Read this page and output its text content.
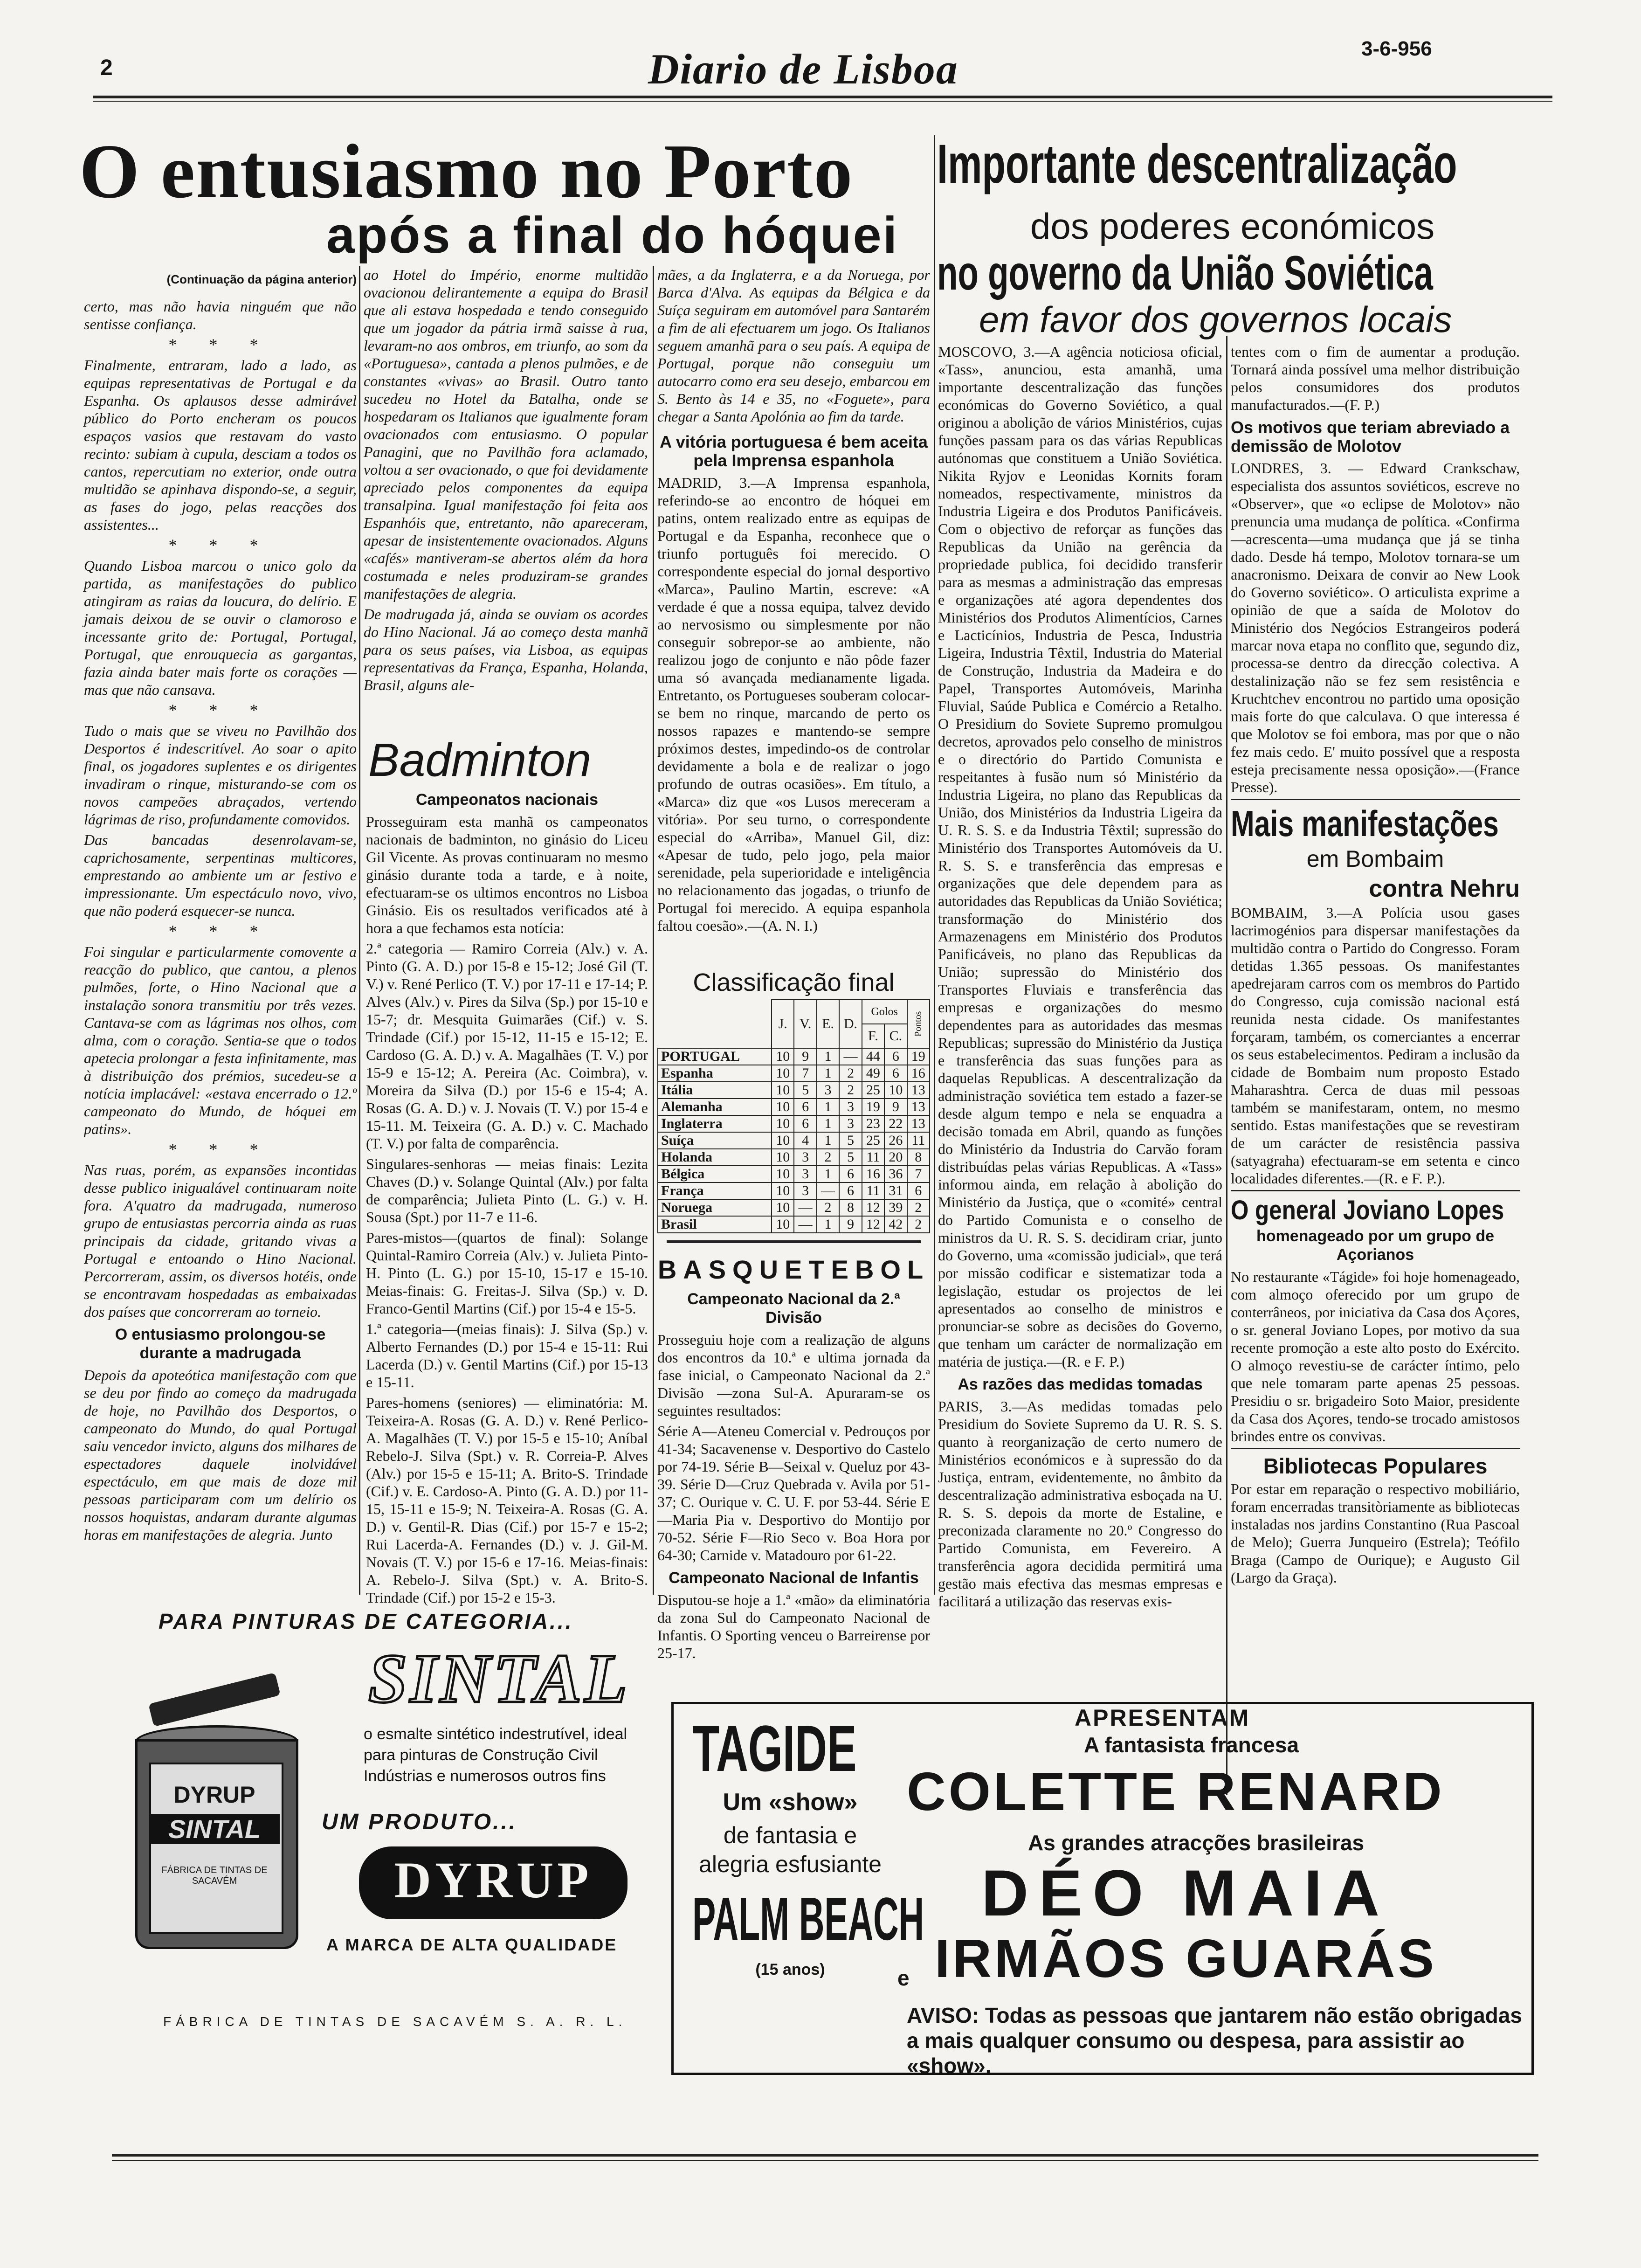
2	Diario de Lisboa	3-6-956
O entusiasmo no Porto
após a final do hóquei
(Continuação da página anterior)

certo, mas não havia ninguém que não sentisse confiança.

* * *

Finalmente, entraram, lado a lado, as equipas representativas de Portugal e da Espanha. Os aplausos desse admirável público do Porto encheram os poucos espaços vasios que restavam do vasto recinto: subiam à cupula, desciam a todos os cantos, repercutiam no exterior, onde outra multidão se apinhava dispondo-se, a seguir, as fases do jogo, pelas reacções dos assistentes...

* * *

Quando Lisboa marcou o unico golo da partida, as manifestações do publico atingiram as raias da loucura, do delírio. E jamais deixou de se ouvir o clamoroso e incessante grito de: Portugal, Portugal, Portugal, que enrouquecia as gargantas, fazia ainda bater mais forte os corações — mas que não cansava.

* * *

Tudo o mais que se viveu no Pavilhão dos Desportos é indescritível. Ao soar o apito final, os jogadores suplentes e os dirigentes invadiram o rinque, misturando-se com os novos campeões abraçados, vertendo lágrimas de riso, profundamente comovidos.

Das bancadas desenrolavam-se, caprichosamente, serpentinas multicores, emprestando ao ambiente um ar festivo e impressionante. Um espectáculo novo, vivo, que não poderá esquecer-se nunca.

* * *

Foi singular e particularmente comovente a reacção do publico, que cantou, a plenos pulmões, forte, o Hino Nacional que a instalação sonora transmitiu por três vezes. Cantava-se com as lágrimas nos olhos, com alma, com o coração. Sentia-se que o todos apetecia prolongar a festa infinitamente, mas à distribuição dos prémios, sucedeu-se a notícia implacável: «estava encerrado o 12.º campeonato do Mundo, de hóquei em patins».

* * *

Nas ruas, porém, as expansões incontidas desse publico inigualável continuaram noite fora. A'quatro da madrugada, numeroso grupo de entusiastas percorria ainda as ruas principais da cidade, gritando vivas a Portugal e entoando o Hino Nacional. Percorreram, assim, os diversos hotéis, onde se encontravam hospedadas as embaixadas dos países que concorreram ao torneio.

O entusiasmo prolongou-se durante a madrugada

Depois da apoteótica manifestação com que se deu por findo ao começo da madrugada de hoje, no Pavilhão dos Desportos, o campeonato do Mundo, do qual Portugal saiu vencedor invicto, alguns dos milhares de espectadores daquele inolvidável espectáculo, em que mais de doze mil pessoas participaram com um delírio os nossos hoquistas, andaram durante algumas horas em manifestações de alegria. Junto

ao Hotel do Império, enorme multidão ovacionou delirantemente a equipa do Brasil que ali estava hospedada e tendo conseguido que um jogador da pátria irmã saisse à rua, levaram-no aos ombros, em triunfo, ao som da «Portuguesa», cantada a plenos pulmões, e de constantes «vivas» ao Brasil. Outro tanto sucedeu no Hotel da Batalha, onde se hospedaram os Italianos que igualmente foram ovacionados com entusiasmo. O popular Panagini, que no Pavilhão fora aclamado, voltou a ser ovacionado, o que foi devidamente apreciado pelos componentes da equipa transalpina. Igual manifestação foi feita aos Espanhóis que, entretanto, não apareceram, apesar de insistentemente ovacionados. Alguns «cafés» mantiveram-se abertos além da hora costumada e neles produziram-se grandes manifestações de alegria.

De madrugada já, ainda se ouviam os acordes do Hino Nacional. Já ao começo desta manhã para os seus países, via Lisboa, as equipas representativas da França, Espanha, Holanda, Brasil, alguns ale-

Badminton
Campeonatos nacionais

Prosseguiram esta manhã os campeonatos nacionais de badminton, no ginásio do Liceu Gil Vicente. As provas continuaram no mesmo ginásio durante toda a tarde, e à noite, efectuaram-se os ultimos encontros no Lisboa Ginásio. Eis os resultados verificados até à hora a que fechamos esta notícia:

2.ª categoria — Ramiro Correia (Alv.) v. A. Pinto (G. A. D.) por 15-8 e 15-12; José Gil (T. V.) v. René Perlico (T. V.) por 17-11 e 17-14; P. Alves (Alv.) v. Pires da Silva (Sp.) por 15-10 e 15-7; dr. Mesquita Guimarães (Cif.) v. S. Trindade (Cif.) por 15-12, 11-15 e 15-12; E. Cardoso (G. A. D.) v. A. Magalhães (T. V.) por 15-9 e 15-12; A. Pereira (Ac. Coimbra), v. Moreira da Silva (D.) por 15-6 e 15-4; A. Rosas (G. A. D.) v. J. Novais (T. V.) por 15-4 e 15-11. M. Teixeira (G. A. D.) v. C. Machado (T. V.) por falta de comparência.

Singulares-senhoras — meias finais: Lezita Chaves (D.) v. Solange Quintal (Alv.) por falta de comparência; Julieta Pinto (L. G.) v. H. Sousa (Spt.) por 11-7 e 11-6.

Pares-mistos—(quartos de final): Solange Quintal-Ramiro Correia (Alv.) v. Julieta Pinto-H. Pinto (L. G.) por 15-10, 15-17 e 15-10. Meias-finais: G. Freitas-J. Silva (Sp.) v. D. Franco-Gentil Martins (Cif.) por 15-4 e 15-5.

1.ª categoria—(meias finais): J. Silva (Sp.) v. Alberto Fernandes (D.) por 15-4 e 15-11: Rui Lacerda (D.) v. Gentil Martins (Cif.) por 15-13 e 15-11.

Pares-homens (seniores) — eliminatória: M. Teixeira-A. Rosas (G. A. D.) v. René Perlico-A. Magalhães (T. V.) por 15-5 e 15-10; Aníbal Rebelo-J. Silva (Spt.) v. R. Correia-P. Alves (Alv.) por 15-5 e 15-11; A. Brito-S. Trindade (Cif.) v. E. Cardoso-A. Pinto (G. A. D.) por 11-15, 15-11 e 15-9; N. Teixeira-A. Rosas (G. A. D.) v. Gentil-R. Dias (Cif.) por 15-7 e 15-2; Rui Lacerda-A. Fernandes (D.) v. J. Gil-M. Novais (T. V.) por 15-6 e 17-16. Meias-finais: A. Rebelo-J. Silva (Spt.) v. A. Brito-S. Trindade (Cif.) por 15-2 e 15-3.

mães, a da Inglaterra, e a da Noruega, por Barca d'Alva. As equipas da Bélgica e da Suíça seguiram em automóvel para Santarém a fim de ali efectuarem um jogo. Os Italianos seguem amanhã para o seu país. A equipa de Portugal, porque não conseguiu um autocarro como era seu desejo, embarcou em S. Bento às 14 e 35, no «Foguete», para chegar a Santa Apolónia ao fim da tarde.

A vitória portuguesa é bem aceita pela Imprensa espanhola

MADRID, 3.—A Imprensa espanhola, referindo-se ao encontro de hóquei em patins, ontem realizado entre as equipas de Portugal e da Espanha, reconhece que o triunfo português foi merecido. O correspondente especial do jornal desportivo «Marca», Paulino Martin, escreve: «A verdade é que a nossa equipa, talvez devido ao nervosismo ou simplesmente por não conseguir sobrepor-se ao ambiente, não realizou jogo de conjunto e não pôde fazer uma só avançada medianamente ligada. Entretanto, os Portugueses souberam colocar-se bem no rinque, marcando de perto os nossos rapazes e mantendo-se sempre próximos destes, impedindo-os de controlar devidamente a bola e de realizar o jogo profundo de outras ocasiões». Em título, a «Marca» diz que «os Lusos mereceram a vitória». Por seu turno, o correspondente especial do «Arriba», Manuel Gil, diz: «Apesar de tudo, pelo jogo, pela maior serenidade, pela superioridade e inteligência no relacionamento das jogadas, o triunfo de Portugal foi merecido. A equipa espanhola faltou coesão».—(A. N. I.)

Classificação final
	J.	V.	E.	D.	Golos		Pontos
					F.	C.	
PORTUGAL	10	9	1	—	44	6	19
Espanha	10	7	1	2	49	6	16
Itália	10	5	3	2	25	10	13
Alemanha	10	6	1	3	19	9	13
Inglaterra	10	6	1	3	23	22	13
Suíça	10	4	1	5	25	26	11
Holanda	10	3	2	5	11	20	8
Bélgica	10	3	1	6	16	36	7
França	10	3	—	6	11	31	6
Noruega	10	—	2	8	12	39	2
Brasil	10	—	1	9	12	42	2
BASQUETEBOL
Campeonato Nacional da 2.ª Divisão

Prosseguiu hoje com a realização de alguns dos encontros da 10.ª e ultima jornada da fase inicial, o Campeonato Nacional da 2.ª Divisão —zona Sul-A. Apuraram-se os seguintes resultados:

Série A—Ateneu Comercial v. Pedrouços por 41-34; Sacavenense v. Desportivo do Castelo por 74-19. Série B—Seixal v. Queluz por 43-39. Série D—Cruz Quebrada v. Avila por 51-37; C. Ourique v. C. U. F. por 53-44. Série E—Maria Pia v. Desportivo do Montijo por 70-52. Série F—Rio Seco v. Boa Hora por 64-30; Carnide v. Matadouro por 61-22.

Campeonato Nacional de Infantis

Disputou-se hoje a 1.ª «mão» da eliminatória da zona Sul do Campeonato Nacional de Infantis. O Sporting venceu o Barreirense por 25-17.

Importante descentralização
dos poderes económicos
no governo da União Soviética
em favor dos governos locais

MOSCOVO, 3.—A agência noticiosa oficial, «Tass», anunciou, esta amanhã, uma importante descentralização das funções económicas do Governo Soviético, a qual originou a abolição de vários Ministérios, cujas funções passam para os das várias Republicas autónomas que constituem a União Soviética. Nikita Ryjov e Leonidas Kornits foram nomeados, respectivamente, ministros da Industria Ligeira e dos Produtos Panificáveis. Com o objectivo de reforçar as funções das Republicas da União na gerência da propriedade publica, foi decidido transferir para as mesmas a administração das empresas e organizações até agora dependentes dos Ministérios dos Produtos Alimentícios, Carnes e Lacticínios, Industria de Pesca, Industria Ligeira, Industria Têxtil, Industria do Material de Construção, Industria da Madeira e do Papel, Transportes Automóveis, Marinha Fluvial, Saúde Publica e Comércio a Retalho. O Presidium do Soviete Supremo promulgou decretos, aprovados pelo conselho de ministros e o directório do Partido Comunista e respeitantes à fusão num só Ministério da Industria Ligeira, no plano das Republicas da União, dos Ministérios da Industria Ligeira da U. R. S. S. e da Industria Têxtil; supressão do Ministério dos Transportes Automóveis da U. R. S. S. e transferência das empresas e organizações que dele dependem para as autoridades das Republicas da União Soviética; transformação do Ministério dos Armazenagens em Ministério dos Produtos Panificáveis, no plano das Republicas da União; supressão do Ministério dos Transportes Fluviais e transferência das empresas e organizações do mesmo dependentes para as autoridades das mesmas Republicas; supressão do Ministério da Justiça e transferência das suas funções para as daquelas Republicas. A descentralização da administração soviética tem estado a fazer-se desde algum tempo e nela se enquadra a decisão tomada em Abril, quando as funções do Ministério da Industria do Carvão foram distribuídas pelas várias Republicas. A «Tass» informou ainda, em relação à abolição do Ministério da Justiça, que o «comité» central do Partido Comunista e o conselho de ministros da U. R. S. S. decidiram criar, junto do Governo, uma «comissão judicial», que terá por missão codificar e sistematizar toda a legislação, estudar os projectos de lei apresentados ao conselho de ministros e pronunciar-se sobre as decisões do Governo, que tenham um carácter de normalização em matéria de justiça.—(R. e F. P.)

As razões das medidas tomadas

PARIS, 3.—As medidas tomadas pelo Presidium do Soviete Supremo da U. R. S. S. quanto à reorganização de certo numero de Ministérios económicos e à supressão do da Justiça, entram, evidentemente, no âmbito da descentralização administrativa esboçada na U. R. S. S. depois da morte de Estaline, e preconizada claramente no 20.º Congresso do Partido Comunista, em Fevereiro. A transferência agora decidida permitirá uma gestão mais efectiva das mesmas empresas e facilitará a utilização das reservas exis-

tentes com o fim de aumentar a produção. Tornará ainda possível uma melhor distribuição pelos consumidores dos produtos manufacturados.—(F. P.)

Os motivos que teriam abreviado a demissão de Molotov

LONDRES, 3. — Edward Crankschaw, especialista dos assuntos soviéticos, escreve no «Observer», que «o eclipse de Molotov» não prenuncia uma mudança de política. «Confirma—acrescenta—uma mudança que já se tinha dado. Desde há tempo, Molotov tornara-se um anacronismo. Deixara de convir ao New Look do Governo soviético». O articulista exprime a opinião de que a saída de Molotov do Ministério dos Negócios Estrangeiros poderá marcar nova etapa no conflito que, segundo diz, processa-se dentro da direcção colectiva. A destalinização não se fez sem resistência e Kruchtchev encontrou no partido uma oposição mais forte do que calculava. O que interessa é que Molotov se foi embora, mas por que o não fez mais cedo. E' muito possível que a resposta esteja precisamente nessa oposição».—(France Presse).

Mais manifestações
em Bombaim
contra Nehru

BOMBAIM, 3.—A Polícia usou gases lacrimogénios para dispersar manifestações da multidão contra o Partido do Congresso. Foram detidas 1.365 pessoas. Os manifestantes apedrejaram carros com os membros do Partido do Congresso, cuja comissão nacional está reunida nesta cidade. Os manifestantes forçaram, também, os comerciantes a encerrar os seus estabelecimentos. Pediram a inclusão da cidade de Bombaim num proposto Estado Maharashtra. Cerca de duas mil pessoas também se manifestaram, ontem, no mesmo sentido. Estas manifestações que se revestiram de um carácter de resistência passiva (satyagraha) efectuaram-se em setenta e cinco localidades diferentes.—(R. e F. P.).

O general Joviano Lopes
homenageado por um grupo de Açorianos

No restaurante «Tágide» foi hoje homenageado, com almoço oferecido por um grupo de conterrâneos, por iniciativa da Casa dos Açores, o sr. general Joviano Lopes, por motivo da sua recente promoção a este alto posto do Exército. O almoço revestiu-se de carácter íntimo, pelo que nele tomaram parte apenas 25 pessoas. Presidiu o sr. brigadeiro Soto Maior, presidente da Casa dos Açores, tendo-se trocado amistosos brindes entre os convivas.

Bibliotecas Populares

Por estar em reparação o respectivo mobiliário, foram encerradas transitòriamente as bibliotecas instaladas nos jardins Constantino (Rua Pascoal de Melo); Guerra Junqueiro (Estrela); Teófilo Braga (Campo de Ourique); e Augusto Gil (Largo da Graça).

PARA PINTURAS DE CATEGORIA...
SINTAL
o esmalte sintético indestrutível, ideal
para pinturas de Construção Civil
Indústrias e numerosos outros fins
UM PRODUTO...
DYRUP
A MARCA DE ALTA QUALIDADE
DYRUP
SINTAL
FÁBRICA DE TINTAS DE SACAVÉM
FÁBRICA DE TINTAS DE SACAVÉM S. A. R. L.
TAGIDE
Um «show»
de fantasia e alegria esfusiante
PALM BEACH
(15 anos)	e
APRESENTAM
A fantasista francesa
COLETTE RENARD
As grandes atracções brasileiras
DÉO MAIA
IRMÃOS GUARÁS
AVISO: Todas as pessoas que jantarem não estão obrigadas a mais qualquer consumo ou despesa, para assistir ao «show».
